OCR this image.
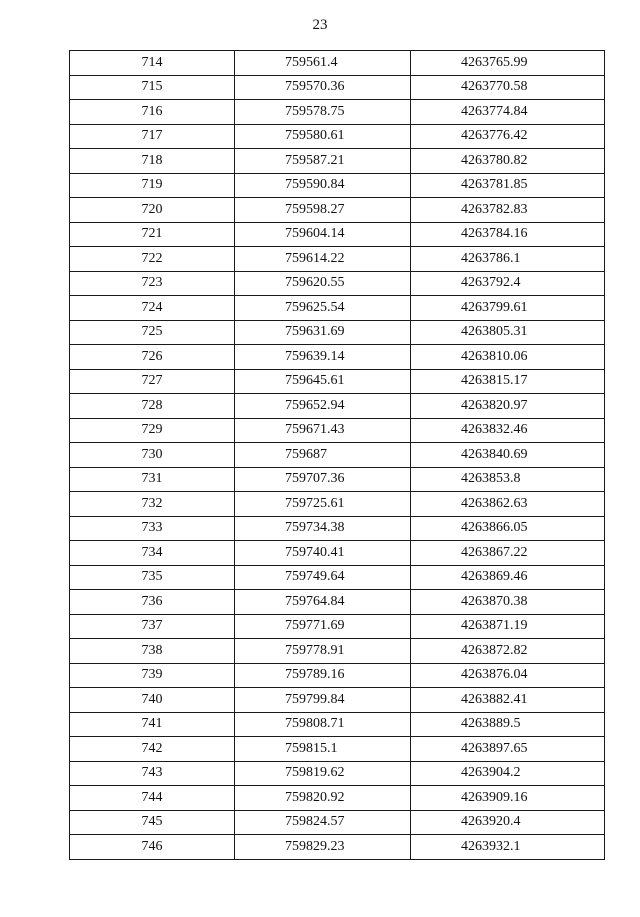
23
714	759561.4	4263765.99
715	759570.36	4263770.58
716	759578.75	4263774.84
717	759580.61	4263776.42
718	759587.21	4263780.82
719	759590.84	4263781.85
720	759598.27	4263782.83
721	759604.14	4263784.16
722	759614.22	4263786.1
723	759620.55	4263792.4
724	759625.54	4263799.61
725	759631.69	4263805.31
726	759639.14	4263810.06
727	759645.61	4263815.17
728	759652.94	4263820.97
729	759671.43	4263832.46
730	759687	4263840.69
731	759707.36	4263853.8
732	759725.61	4263862.63
733	759734.38	4263866.05
734	759740.41	4263867.22
735	759749.64	4263869.46
736	759764.84	4263870.38
737	759771.69	4263871.19
738	759778.91	4263872.82
739	759789.16	4263876.04
740	759799.84	4263882.41
741	759808.71	4263889.5
742	759815.1	4263897.65
743	759819.62	4263904.2
744	759820.92	4263909.16
745	759824.57	4263920.4
746	759829.23	4263932.1
